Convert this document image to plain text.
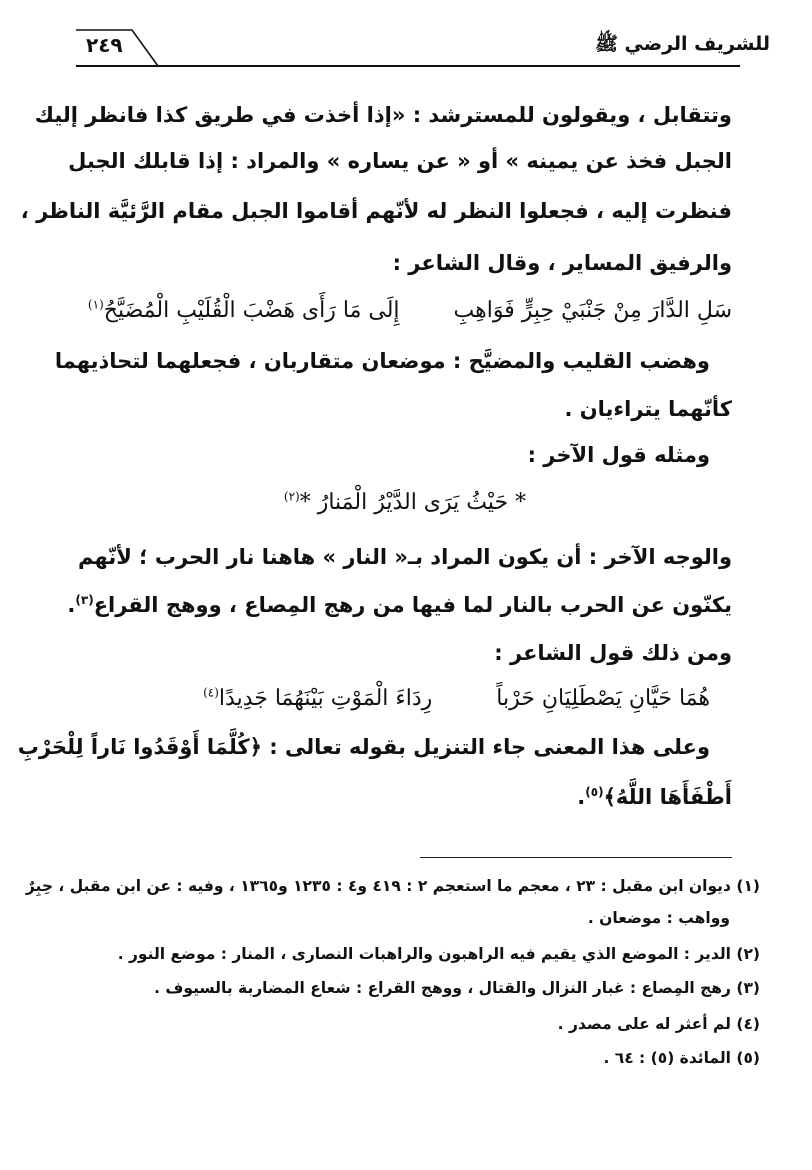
للشريف الرضي ﷺ
٢٤٩
وتتقابل ، ويقولون للمسترشد : «إذا أخذت في طريق كذا فانظر إليك
الجبل فخذ عن يمينه » أو « عن يساره » والمراد : إذا قابلك الجبل
فنظرت إليه ، فجعلوا النظر له لأنّهم أقاموا الجبل مقام الرَّئيَّة الناظر ،
والرفيق المساير ، وقال الشاعر :
سَلِ الدَّارَ مِنْ جَنْبَيْ حِبِرٍّ فَوَاهِبِ  إِلَى مَا رَأَى هَضْبَ الْقُلَيْبِ الْمُضَيَّحُ$^{(١)}$
وهضب القليب والمضيَّح : موضعان متقاربان ، فجعلهما لتحاذيهما
كأنّهما يتراءيان .
ومثله قول الآخر :
* حَيْثُ يَرَى الدَّيْرُ الْمَنارُ *$^{(٢)}$
والوجه الآخر : أن يكون المراد بـ« النار » هاهنا نار الحرب ؛ لأنّهم
يكنّون عن الحرب بالنار لما فيها من رهج المِصاع ، ووهج القراع$^{(٣)}$.
ومن ذلك قول الشاعر :
هُمَا حَيَّانِ يَصْطَلِيَانِ حَرْباً  رِدَاءَ الْمَوْتِ بَيْنَهُمَا جَدِيدًا$^{(٤)}$
وعلى هذا المعنى جاء التنزيل بقوله تعالى : ﴿كُلَّمَا أَوْقَدُوا نَاراً لِلْحَرْبِ
أَطْفَأَهَا اللَّهُ﴾$^{(٥)}$.
(١) ديوان ابن مقبل : ٢٣ ، معجم ما استعجم ٢ : ٤١٩ و٤ : ١٢٣٥ و١٣٦٥ ، وفيه : عن ابن مقبل ، حِبِرٌ
وواهب : موضعان .
(٢) الدير : الموضع الذي يقيم فيه الراهبون والراهبات النصارى ، المنار : موضع النور .
(٣) رهج المِصاع : غبار النزال والقتال ، ووهج القراع : شعاع المضاربة بالسيوف .
(٤) لم أعثر له على مصدر .
(٥) المائدة (٥) : ٦٤ .
